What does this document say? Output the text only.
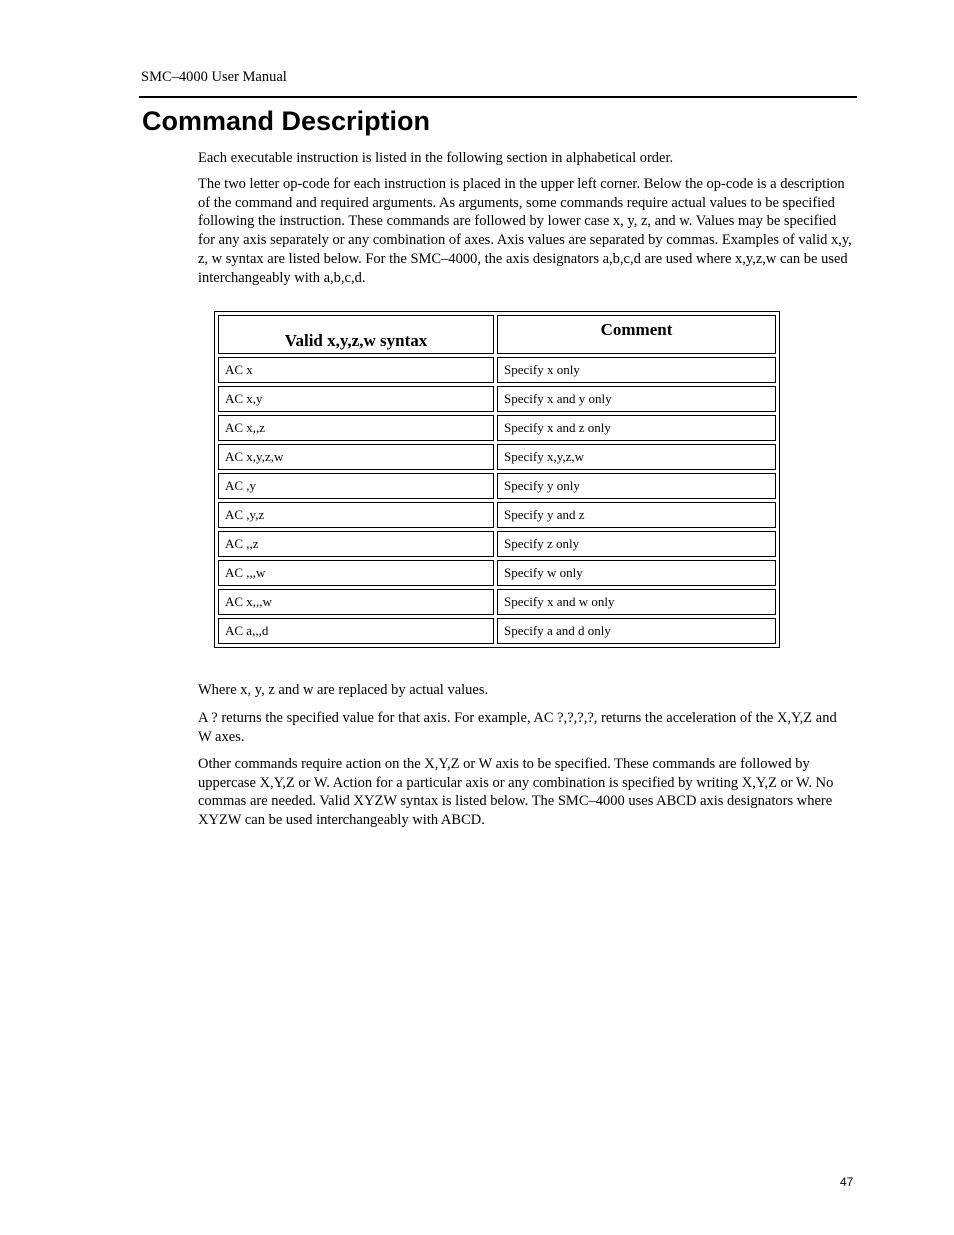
SMC–4000 User Manual
Command Description

Each executable instruction is listed in the following section in alphabetical order.

The two letter op-code for each instruction is placed in the upper left corner. Below the op-code is a description of the command and required arguments. As arguments, some commands require actual values to be specified following the instruction. These commands are followed by lower case x, y, z, and w. Values may be specified for any axis separately or any combination of axes. Axis values are separated by commas. Examples of valid x,y, z, w syntax are listed below. For the SMC–4000, the axis designators a,b,c,d are used where x,y,z,w can be used interchangeably with a,b,c,d.

Valid x,y,z,w syntax	Comment
AC x	Specify x only
AC x,y	Specify x and y only
AC x,,z	Specify x and z only
AC x,y,z,w	Specify x,y,z,w
AC ,y	Specify y only
AC ,y,z	Specify y and z
AC ,,z	Specify z only
AC ,,,w	Specify w only
AC x,,,w	Specify x and w only
AC a,,,d	Specify a and d only

Where x, y, z and w are replaced by actual values.

A ? returns the specified value for that axis. For example, AC ?,?,?,?, returns the acceleration of the X,Y,Z and W axes.

Other commands require action on the X,Y,Z or W axis to be specified. These commands are followed by uppercase X,Y,Z or W. Action for a particular axis or any combination is specified by writing X,Y,Z or W. No commas are needed. Valid XYZW syntax is listed below. The SMC–4000 uses ABCD axis designators where XYZW can be used interchangeably with ABCD.

47
